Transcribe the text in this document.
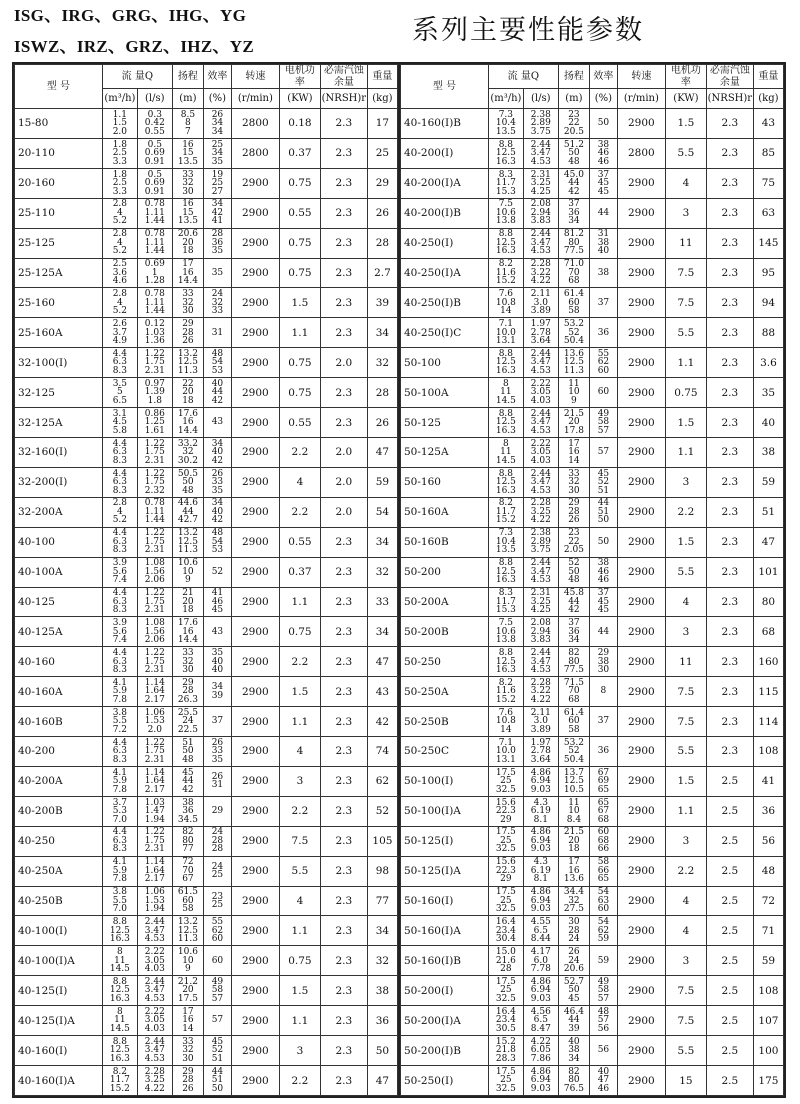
ISG、IRG、GRG、IHG、YG
ISWZ、IRZ、GRZ、IHZ、YZ
系列主要性能参数
型 号	流 量Q		扬程	效率	转速	电机功率	必需汽蚀余量	重量
	(m³/h)	(l/s)	(m)	(%)	(r/min)	(KW)	(NRSH)r	(kg)
15-80	1.1
1.5
2.0	0.3
0.42
0.55	8.5
8
7	26
34
34	2800	0.18	2.3	17
20-110	1.8
2.5
3.3	0.5
0.69
0.91	16
15
13.5	25
34
35	2800	0.37	2.3	25
20-160	1.8
2.5
3.3	0.5
0.69
0.91	33
32
30	19
25
27	2900	0.75	2.3	29
25-110	2.8
4
5.2	0.78
1.11
1.44	16
15
13.5	34
42
41	2900	0.55	2.3	26
25-125	2.8
4
5.2	0.78
1.11
1.44	20.6
20
18	28
36
35	2900	0.75	2.3	28
25-125A	2.5
3.6
4.6	0.69
1
1.28	17
16
14.4	35	2900	0.75	2.3	2.7
25-160	2.8
4
5.2	0.78
1.11
1.44	33
32
30	24
32
33	2900	1.5	2.3	39
25-160A	2.6
3.7
4.9	0.12
1.03
1.36	29
28
26	31	2900	1.1	2.3	34
32-100(I)	4.4
6.3
8.3	1.22
1.75
2.31	13.2
12.5
11.3	48
54
53	2900	0.75	2.0	32
32-125	3.5
5
6.5	0.97
1.39
1.8	22
20
18	40
44
42	2900	0.75	2.3	28
32-125A	3.1
4.5
5.8	0.86
1.25
1.61	17.6
16
14.4	43	2900	0.55	2.3	26
32-160(I)	4.4
6.3
8.3	1.22
1.75
2.31	33.2
32
30.2	34
40
42	2900	2.2	2.0	47
32-200(I)	4.4
6.3
8.3	1.22
1.75
2.32	50.5
50
48	26
33
35	2900	4	2.0	59
32-200A	2.8
4
5.2	0.78
1.11
1.44	44.6
44
42.7	34
40
42	2900	2.2	2.0	54
40-100	4.4
6.3
8.3	1.22
1.75
2.31	13.2
12.5
11.3	48
54
53	2900	0.55	2.3	34
40-100A	3.9
5.6
7.4	1.08
1.56
2.06	10.6
10
9	52	2900	0.37	2.3	32
40-125	4.4
6.3
8.3	1.22
1.75
2.31	21
20
18	41
46
45	2900	1.1	2.3	33
40-125A	3.9
5.6
7.4	1.08
1.56
2.06	17.6
16
14.4	43	2900	0.75	2.3	34
40-160	4.4
6.3
8.3	1.22
1.75
2.31	33
32
30	35
40
40	2900	2.2	2.3	47
40-160A	4.1
5.9
7.8	1.14
1.64
2.17	29
28
26.3	34
39	2900	1.5	2.3	43
40-160B	3.8
5.5
7.2	1.06
1.53
2.0	25.5
24
22.5	37	2900	1.1	2.3	42
40-200	4.4
6.3
8.3	1.22
1.75
2.31	51
50
48	26
33
35	2900	4	2.3	74
40-200A	4.1
5.9
7.8	1.14
1.64
2.17	45
44
42	26
31	2900	3	2.3	62
40-200B	3.7
5.3
7.0	1.03
1.47
1.94	38
36
34.5	29	2900	2.2	2.3	52
40-250	4.4
6.3
8.3	1.22
1.75
2.31	82
80
77	24
28
28	2900	7.5	2.3	105
40-250A	4.1
5.9
7.8	1.14
1.64
2.17	72
70
67	24
25	2900	5.5	2.3	98
40-250B	3.8
5.5
7.0	1.06
1.53
1.94	61.5
60
58	23
25	2900	4	2.3	77
40-100(I)	8.8
12.5
16.3	2.44
3.47
4.53	13.2
12.5
11.3	55
62
60	2900	1.1	2.3	34
40-100(I)A	8
11
14.5	2.22
3.05
4.03	10.6
10
9	60	2900	0.75	2.3	32
40-125(I)	8.8
12.5
16.3	2.44
3.47
4.53	21.2
20
17.5	49
58
57	2900	1.5	2.3	38
40-125(I)A	8
11
14.5	2.22
3.05
4.03	17
16
14	57	2900	1.1	2.3	36
40-160(I)	8.8
12.5
16.3	2.44
3.47
4.53	33
32
30	45
52
51	2900	3	2.3	50
40-160(I)A	8.2
11.7
15.2	2.28
3.25
4.22	29
28
26	44
51
50	2900	2.2	2.3	47
型 号	流 量Q		扬程	效率	转速	电机功率	必需汽蚀余量	重量
	(m³/h)	(l/s)	(m)	(%)	(r/min)	(KW)	(NRSH)r	(kg)
40-160(I)B	7.3
10.4
13.5	2.38
2.89
3.75	23
22
20.5	50	2900	1.5	2.3	43
40-200(I)	8.8
12.5
16.3	2.44
3.47
4.53	51.2
50
48	38
46
46	2800	5.5	2.3	85
40-200(I)A	8.3
11.7
15.3	2.31
3.25
4.25	45.0
44
42	37
45
45	2900	4	2.3	75
40-200(I)B	7.5
10.6
13.8	2.08
2.94
3.83	37
36
34	44	2900	3	2.3	63
40-250(I)	8.8
12.5
16.3	2.44
3.47
4.53	81.2
80
77.5	31
38
40	2900	11	2.3	145
40-250(I)A	8.2
11.6
15.2	2.28
3.22
4.22	71.0
70
68	38	2900	7.5	2.3	95
40-250(I)B	7.6
10.8
14	2.11
3.0
3.89	61.4
60
58	37	2900	7.5	2.3	94
40-250(I)C	7.1
10.0
13.1	1.97
2.78
3.64	53.2
52
50.4	36	2900	5.5	2.3	88
50-100	8.8
12.5
16.3	2.44
3.47
4.53	13.6
12.5
11.3	55
62
60	2900	1.1	2.3	3.6
50-100A	8
11
14.5	2.22
3.05
4.03	11
10
9	60	2900	0.75	2.3	35
50-125	8.8
12.5
16.3	2.44
3.47
4.53	21.5
20
17.8	49
58
57	2900	1.5	2.3	40
50-125A	8
11
14.5	2.22
3.05
4.03	17
16
14	57	2900	1.1	2.3	38
50-160	8.8
12.5
16.3	2.44
3.47
4.53	33
32
30	45
52
51	2900	3	2.3	59
50-160A	8.2
11.7
15.2	2.28
3.25
4.22	29
28
26	44
51
50	2900	2.2	2.3	51
50-160B	7.3
10.4
13.5	2.38
2.89
3.75	23
22
2.05	50	2900	1.5	2.3	47
50-200	8.8
12.5
16.3	2.44
3.47
4.53	52
50
48	38
46
46	2900	5.5	2.3	101
50-200A	8.3
11.7
15.3	2.31
3.25
4.25	45.8
44
42	37
45
45	2900	4	2.3	80
50-200B	7.5
10.6
13.8	2.08
2.94
3.83	37
36
34	44	2900	3	2.3	68
50-250	8.8
12.5
16.3	2.44
3.47
4.53	82
80
77.5	29
38
30	2900	11	2.3	160
50-250A	8.2
11.6
15.2	2.28
3.22
4.22	71.5
70
68	8	2900	7.5	2.3	115
50-250B	7.6
10.8
14	2.11
3.0
3.89	61.4
60
58	37	2900	7.5	2.3	114
50-250C	7.1
10.0
13.1	1.97
2.78
3.64	53.2
52
50.4	36	2900	5.5	2.3	108
50-100(I)	17.5
25
32.5	4.86
6.94
9.03	13.7
12.5
10.5	67
69
65	2900	1.5	2.5	41
50-100(I)A	15.6
22.3
29	4.3
6.19
8.1	11
10
8.4	65
67
68	2900	1.1	2.5	36
50-125(I)	17.5
25
32.5	4.86
6.94
9.03	21.5
20
18	60
68
66	2900	3	2.5	56
50-125(I)A	15.6
22.3
29	4.3
6.19
8.1	17
16
13.6	58
66
65	2900	2.2	2.5	48
50-160(I)	17.5
25
32.5	4.86
6.94
9.03	34.4
32
27.5	54
63
60	2900	4	2.5	72
50-160(I)A	16.4
23.4
30.4	4.55
6.5
8.44	30
28
24	54
62
59	2900	4	2.5	71
50-160(I)B	15.0
21.6
28	4.17
6.0
7.78	26
24
20.6	59	2900	3	2.5	59
50-200(I)	17.5
25
32.5	4.86
6.94
9.03	52.7
50
45	49
58
57	2900	7.5	2.5	108
50-200(I)A	16.4
23.4
30.5	4.56
6.5
8.47	46.4
44
39	48
57
56	2900	7.5	2.5	107
50-200(I)B	15.2
21.8
28.3	4.22
6.05
7.86	40
38
34	56	2900	5.5	2.5	100
50-250(I)	17.5
25
32.5	4.86
6.94
9.03	82
80
76.5	40
47
46	2900	15	2.5	175
